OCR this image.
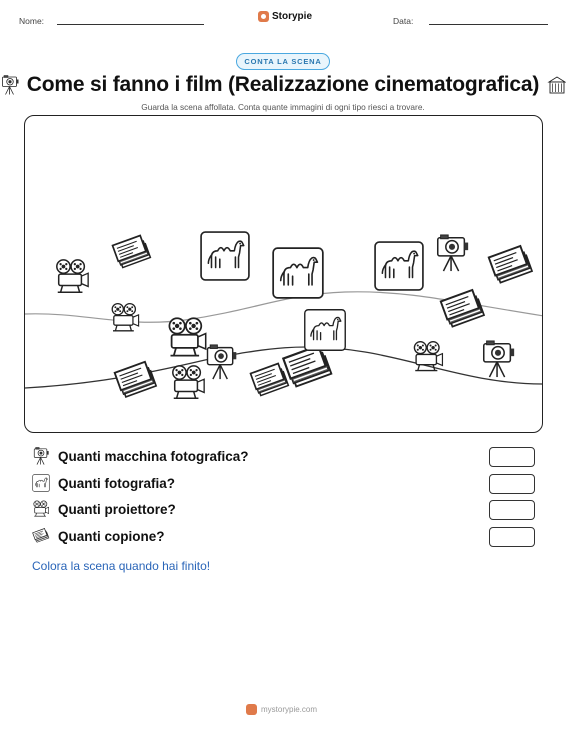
Nome:	Storypie	Data:
CONTA LA SCENA
Come si fanno i film (Realizzazione cinematografica)
Guarda la scena affollata. Conta quante immagini di ogni tipo riesci a trovare.
Quanti macchina fotografica?
Quanti fotografia?
Quanti proiettore?
Quanti copione?
Colora la scena quando hai finito!
mystorypie.com
